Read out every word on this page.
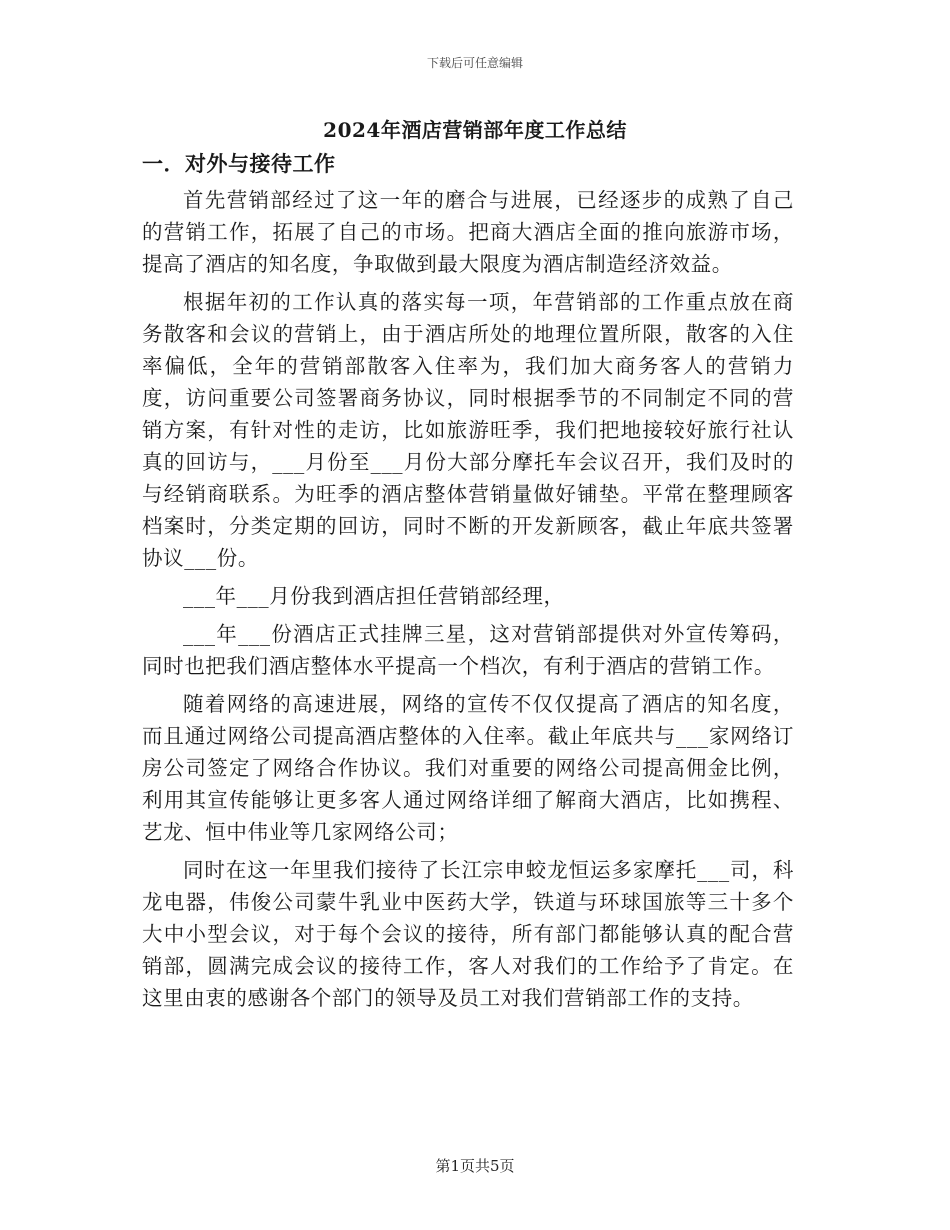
下载后可任意编辑
2024年酒店营销部年度工作总结
一．对外与接待工作

首先营销部经过了这一年的磨合与进展，已经逐步的成熟了自己的营销工作，拓展了自己的市场。把商大酒店全面的推向旅游市场，提高了酒店的知名度，争取做到最大限度为酒店制造经济效益。

根据年初的工作认真的落实每一项，年营销部的工作重点放在商务散客和会议的营销上，由于酒店所处的地理位置所限，散客的入住率偏低，全年的营销部散客入住率为，我们加大商务客人的营销力度，访问重要公司签署商务协议，同时根据季节的不同制定不同的营销方案，有针对性的走访，比如旅游旺季，我们把地接较好旅行社认真的回访与，___月份至___月份大部分摩托车会议召开，我们及时的与经销商联系。为旺季的酒店整体营销量做好铺垫。平常在整理顾客档案时，分类定期的回访，同时不断的开发新顾客，截止年底共签署协议___份。

___年___月份我到酒店担任营销部经理，

___年___份酒店正式挂牌三星，这对营销部提供对外宣传筹码，同时也把我们酒店整体水平提高一个档次，有利于酒店的营销工作。

随着网络的高速进展，网络的宣传不仅仅提高了酒店的知名度，而且通过网络公司提高酒店整体的入住率。截止年底共与___家网络订房公司签定了网络合作协议。我们对重要的网络公司提高佣金比例，利用其宣传能够让更多客人通过网络详细了解商大酒店，比如携程、艺龙、恒中伟业等几家网络公司；

同时在这一年里我们接待了长江宗申蛟龙恒运多家摩托___司，科龙电器，伟俊公司蒙牛乳业中医药大学，铁道与环球国旅等三十多个大中小型会议，对于每个会议的接待，所有部门都能够认真的配合营销部，圆满完成会议的接待工作，客人对我们的工作给予了肯定。在这里由衷的感谢各个部门的领导及员工对我们营销部工作的支持。

第1页共5页
